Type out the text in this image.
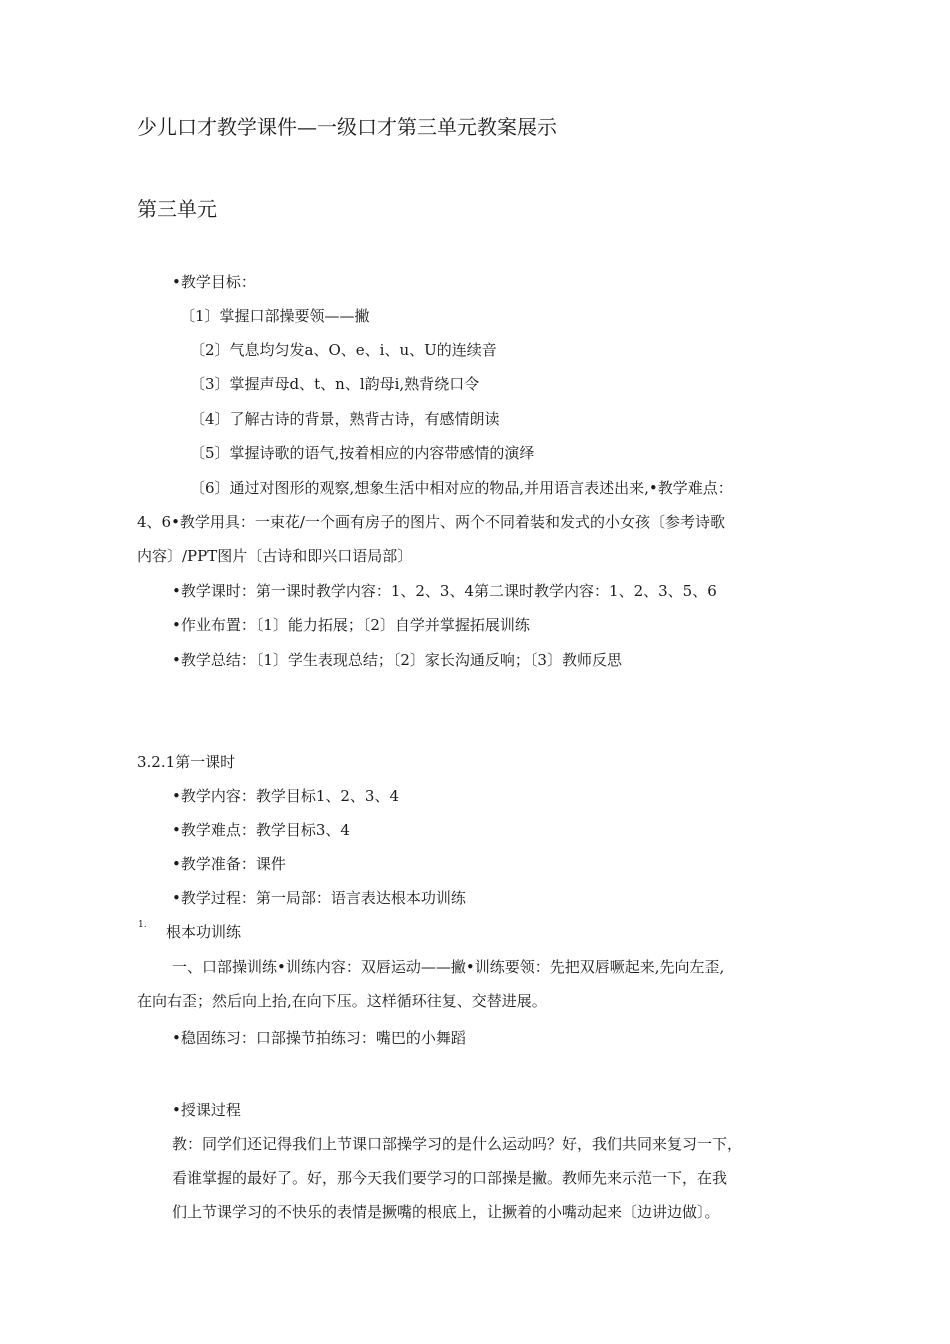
少儿口才教学课件—一级口才第三单元教案展示
第三单元
•教学目标：
〔1〕掌握口部操要领——撇
〔2〕气息均匀发a、O、e、i、u、U的连续音
〔3〕掌握声母d、t、n、l韵母i,熟背绕口令
〔4〕了解古诗的背景，熟背古诗，有感情朗读
〔5〕掌握诗歌的语气,按着相应的内容带感情的演绎
〔6〕通过对图形的观察,想象生活中相对应的物品,并用语言表述出来,•教学难点：
4、6•教学用具：一束花/一个画有房子的图片、两个不同着装和发式的小女孩〔参考诗歌
内容〕/PPT图片〔古诗和即兴口语局部〕
•教学课时：第一课时教学内容：1、2、3、4第二课时教学内容：1、2、3、5、6
•作业布置：〔1〕能力拓展；〔2〕自学并掌握拓展训练
•教学总结：〔1〕学生表现总结；〔2〕家长沟通反响；〔3〕教师反思
3.2.1第一课时
•教学内容：教学目标1、2、3、4
•教学难点：教学目标3、4
•教学准备：课件
•教学过程：第一局部：语言表达根本功训练
1. 根本功训练
一、口部操训练•训练内容：双唇运动——撇•训练要领：先把双唇噘起来,先向左歪,
在向右歪；然后向上抬,在向下压。这样循环往复、交替进展。
•稳固练习：口部操节拍练习：嘴巴的小舞蹈
•授课过程
教：同学们还记得我们上节课口部操学习的是什么运动吗？好，我们共同来复习一下，
看谁掌握的最好了。好，那今天我们要学习的口部操是撇。教师先来示范一下，在我
们上节课学习的不快乐的表情是撅嘴的根底上，让撅着的小嘴动起来〔边讲边做〕。
